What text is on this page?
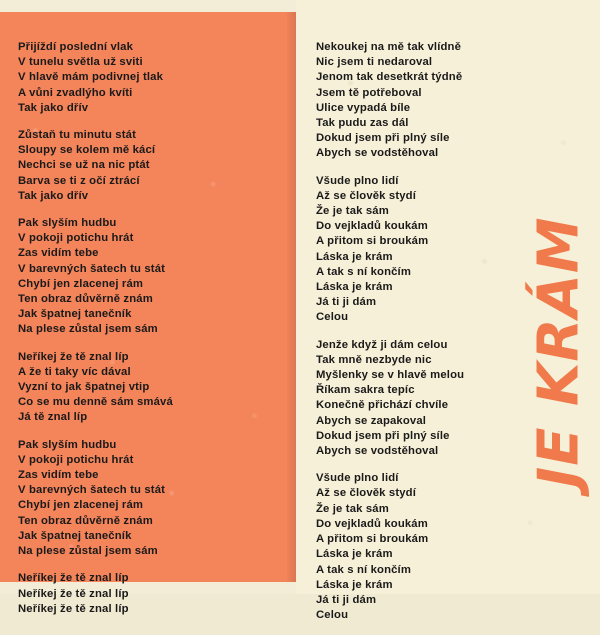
JE KRÁM
Přijíždí poslední vlak
V tunelu světla už sviti
V hlavě mám podivnej tlak
A vůni zvadlýho kvíti
Tak jako dřív
Zůstaň tu minutu stát
Sloupy se kolem mě kácí
Nechci se už na nic ptát
Barva se ti z očí ztrácí
Tak jako dřív
Pak slyším hudbu
V pokoji potichu hrát
Zas vidím tebe
V barevných šatech tu stát
Chybí jen zlacenej rám
Ten obraz důvěrně znám
Jak špatnej tanečník
Na plese zůstal jsem sám
Neříkej že tě znal líp
A že ti taky víc dával
Vyzní to jak špatnej vtip
Co se mu denně sám smává
Já tě znal líp
Pak slyším hudbu
V pokoji potichu hrát
Zas vidím tebe
V barevných šatech tu stát
Chybí jen zlacenej rám
Ten obraz důvěrně znám
Jak špatnej tanečník
Na plese zůstal jsem sám
Neříkej že tě znal líp
Neříkej že tě znal líp
Neříkej že tě znal líp
Nekoukej na mě tak vlídně
Nic jsem ti nedaroval
Jenom tak desetkrát týdně
Jsem tě potřeboval
Ulice vypadá bíle
Tak pudu zas dál
Dokud jsem při plný síle
Abych se vodstěhoval
Všude plno lidí
Až se člověk stydí
Že je tak sám
Do vejkladů koukám
A přitom si broukám
Láska je krám
A tak s ní končím
Láska je krám
Já ti ji dám
Celou
Jenže když ji dám celou
Tak mně nezbyde nic
Myšlenky se v hlavě melou
Říkam sakra tepíc
Konečně přichází chvíle
Abych se zapakoval
Dokud jsem při plný síle
Abych se vodstěhoval
Všude plno lidí
Až se člověk stydí
Že je tak sám
Do vejkladů koukám
A přitom si broukám
Láska je krám
A tak s ní končím
Láska je krám
Já ti ji dám
Celou
